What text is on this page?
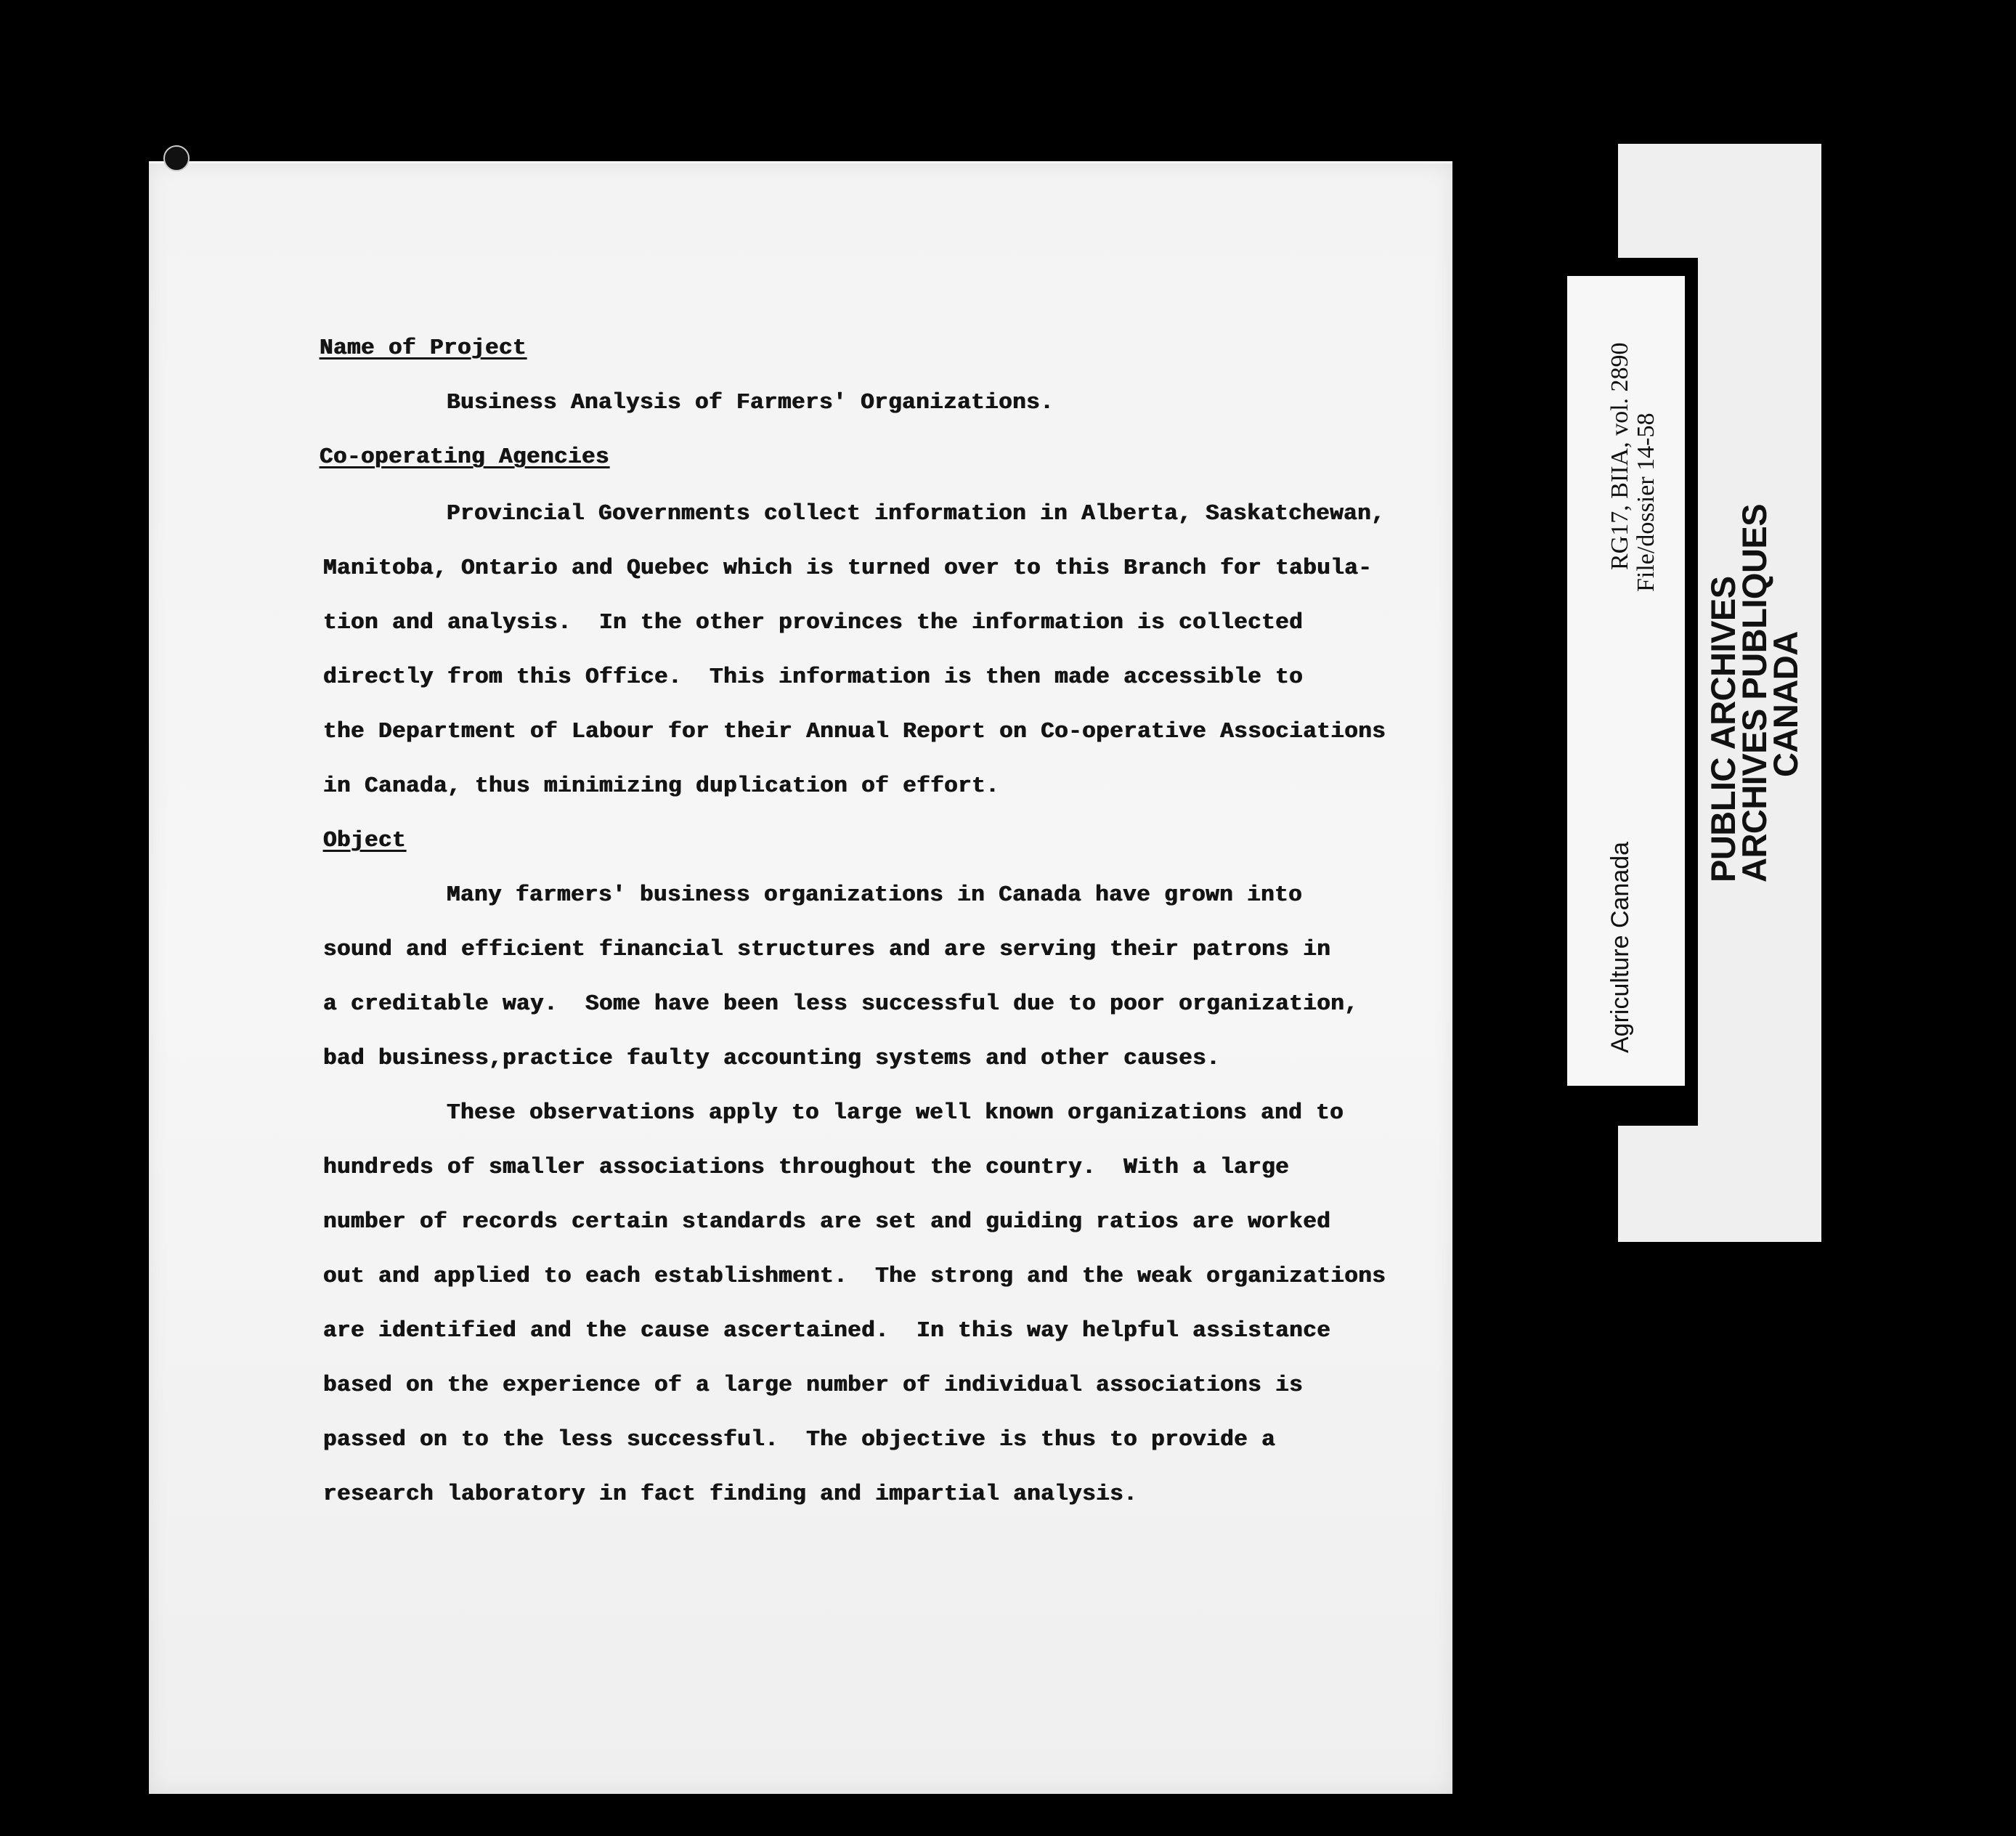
Name of Project
Business Analysis of Farmers' Organizations.
Co-operating Agencies
Provincial Governments collect information in Alberta, Saskatchewan,
Manitoba, Ontario and Quebec which is turned over to this Branch for tabula-
tion and analysis.  In the other provinces the information is collected
directly from this Office.  This information is then made accessible to
the Department of Labour for their Annual Report on Co-operative Associations
in Canada, thus minimizing duplication of effort.
Object
Many farmers' business organizations in Canada have grown into
sound and efficient financial structures and are serving their patrons in
a creditable way.  Some have been less successful due to poor organization,
bad business,practice faulty accounting systems and other causes.
These observations apply to large well known organizations and to
hundreds of smaller associations throughout the country.  With a large
number of records certain standards are set and guiding ratios are worked
out and applied to each establishment.  The strong and the weak organizations
are identified and the cause ascertained.  In this way helpful assistance
based on the experience of a large number of individual associations is
passed on to the less successful.  The objective is thus to provide a
research laboratory in fact finding and impartial analysis.
RG17, BIIA, vol. 2890 File/dossier 14-58
Agriculture Canada
PUBLIC ARCHIVES
ARCHIVES PUBLIQUES
CANADA
